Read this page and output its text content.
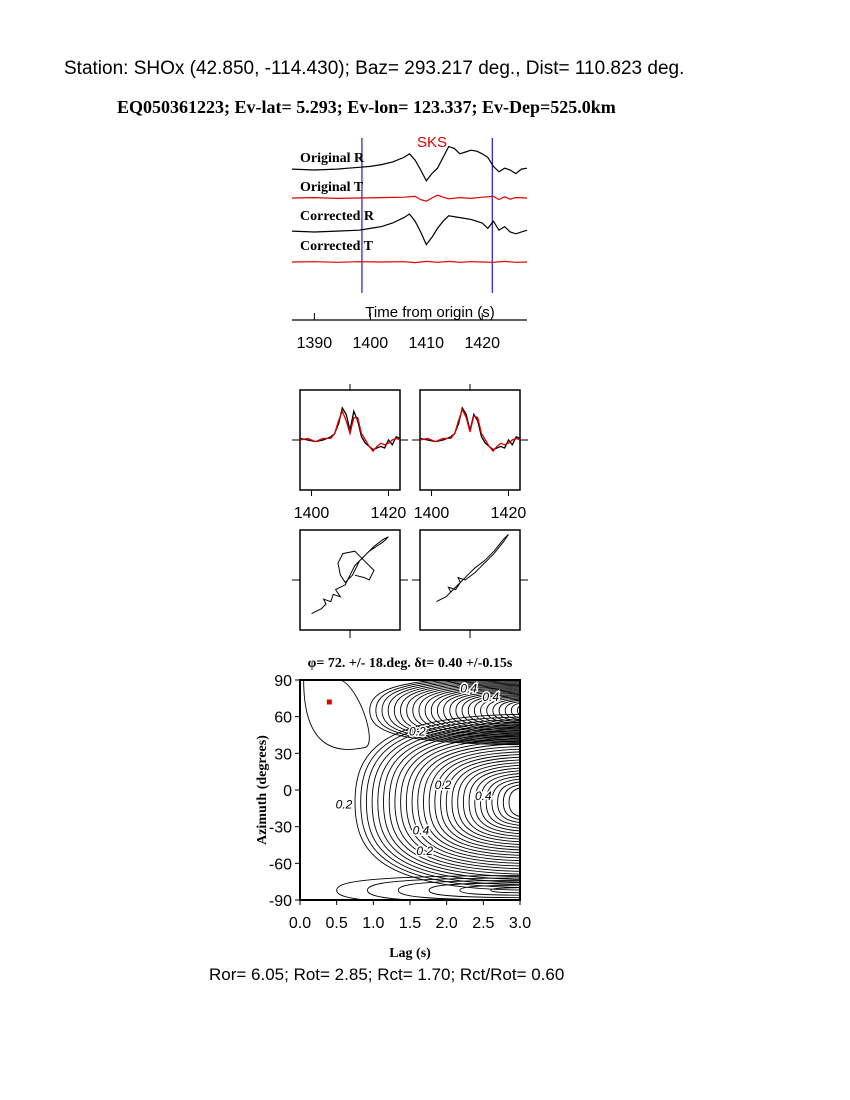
Station: SHOx (42.850, -114.430); Baz= 293.217 deg., Dist= 110.823 deg.
EQ050361223; Ev-lat= 5.293; Ev-lon= 123.337; Ev-Dep=525.0km
SKS
Original R
Original T
Corrected R
Corrected T
Time from origin (s)
1390 1400 1410 1420
1400	1420 1400	1420
φ= 72. +/- 18.deg. δt= 0.40 +/-0.15s
0.4
0.4
0.2
0.2
0.4
0.2
0.4
0.2
0.0 0.5 1.0 1.5 2.0 2.5 3.0
90
60
30
0
-30
-60
-90
Lag (s)
Azimuth (degrees)
Ror= 6.05; Rot= 2.85; Rct= 1.70; Rct/Rot= 0.60
